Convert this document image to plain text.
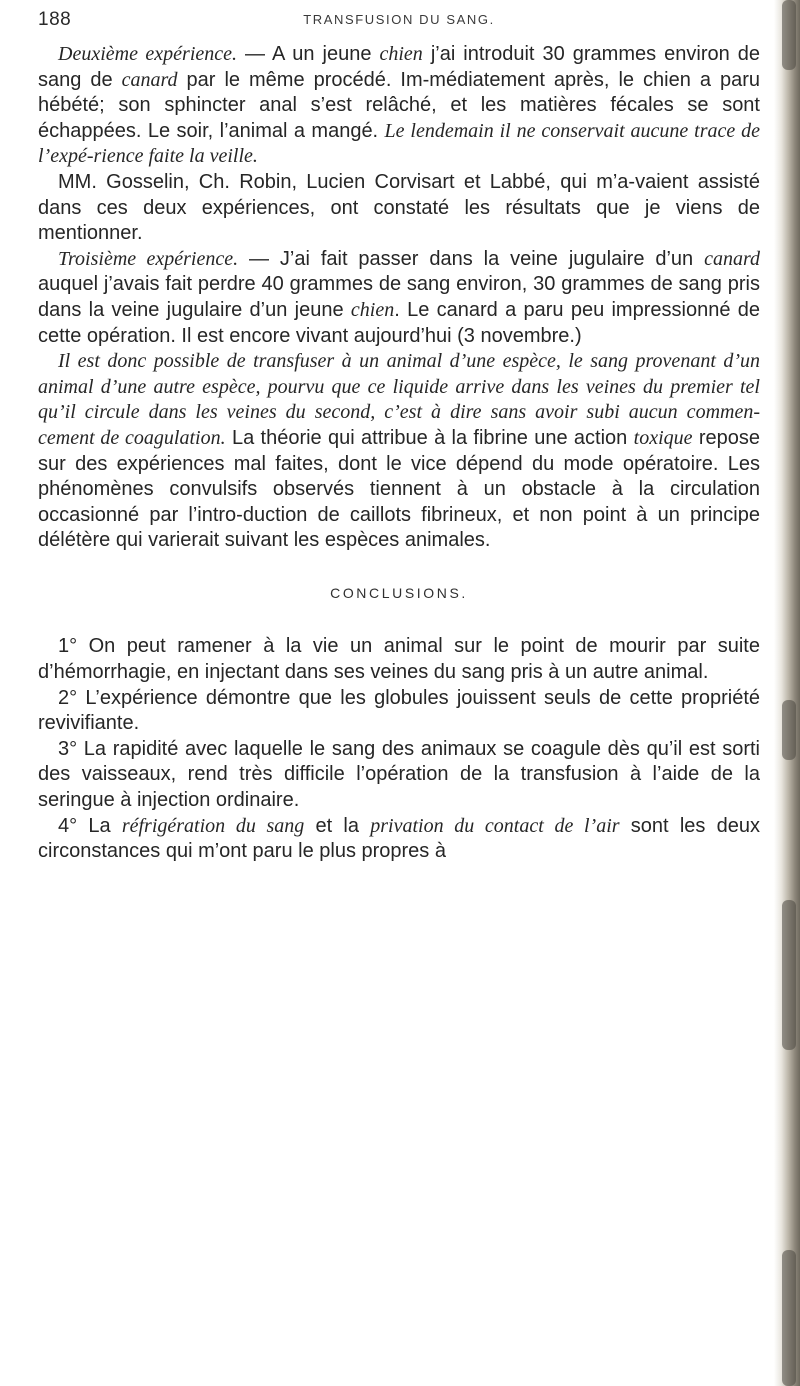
188	TRANSFUSION DU SANG.

Deuxième expérience. — A un jeune chien j’ai introduit 30 grammes environ de sang de canard par le même procédé. Im-médiatement après, le chien a paru hébété; son sphincter anal s’est relâché, et les matières fécales se sont échappées. Le soir, l’animal a mangé. Le lendemain il ne conservait aucune trace de l’expé-rience faite la veille.

MM. Gosselin, Ch. Robin, Lucien Corvisart et Labbé, qui m’a-vaient assisté dans ces deux expériences, ont constaté les résultats que je viens de mentionner.

Troisième expérience. — J’ai fait passer dans la veine jugulaire d’un canard auquel j’avais fait perdre 40 grammes de sang environ, 30 grammes de sang pris dans la veine jugulaire d’un jeune chien. Le canard a paru peu impressionné de cette opération. Il est encore vivant aujourd’hui (3 novembre.)

Il est donc possible de transfuser à un animal d’une espèce, le sang provenant d’un animal d’une autre espèce, pourvu que ce liquide arrive dans les veines du premier tel qu’il circule dans les veines du second, c’est à dire sans avoir subi aucun commen-cement de coagulation. La théorie qui attribue à la fibrine une action toxique repose sur des expériences mal faites, dont le vice dépend du mode opératoire. Les phénomènes convulsifs observés tiennent à un obstacle à la circulation occasionné par l’intro-duction de caillots fibrineux, et non point à un principe délétère qui varierait suivant les espèces animales.

CONCLUSIONS.

1° On peut ramener à la vie un animal sur le point de mourir par suite d’hémorrhagie, en injectant dans ses veines du sang pris à un autre animal.

2° L’expérience démontre que les globules jouissent seuls de cette propriété revivifiante.

3° La rapidité avec laquelle le sang des animaux se coagule dès qu’il est sorti des vaisseaux, rend très difficile l’opération de la transfusion à l’aide de la seringue à injection ordinaire.

4° La réfrigération du sang et la privation du contact de l’air sont les deux circonstances qui m’ont paru le plus propres à
